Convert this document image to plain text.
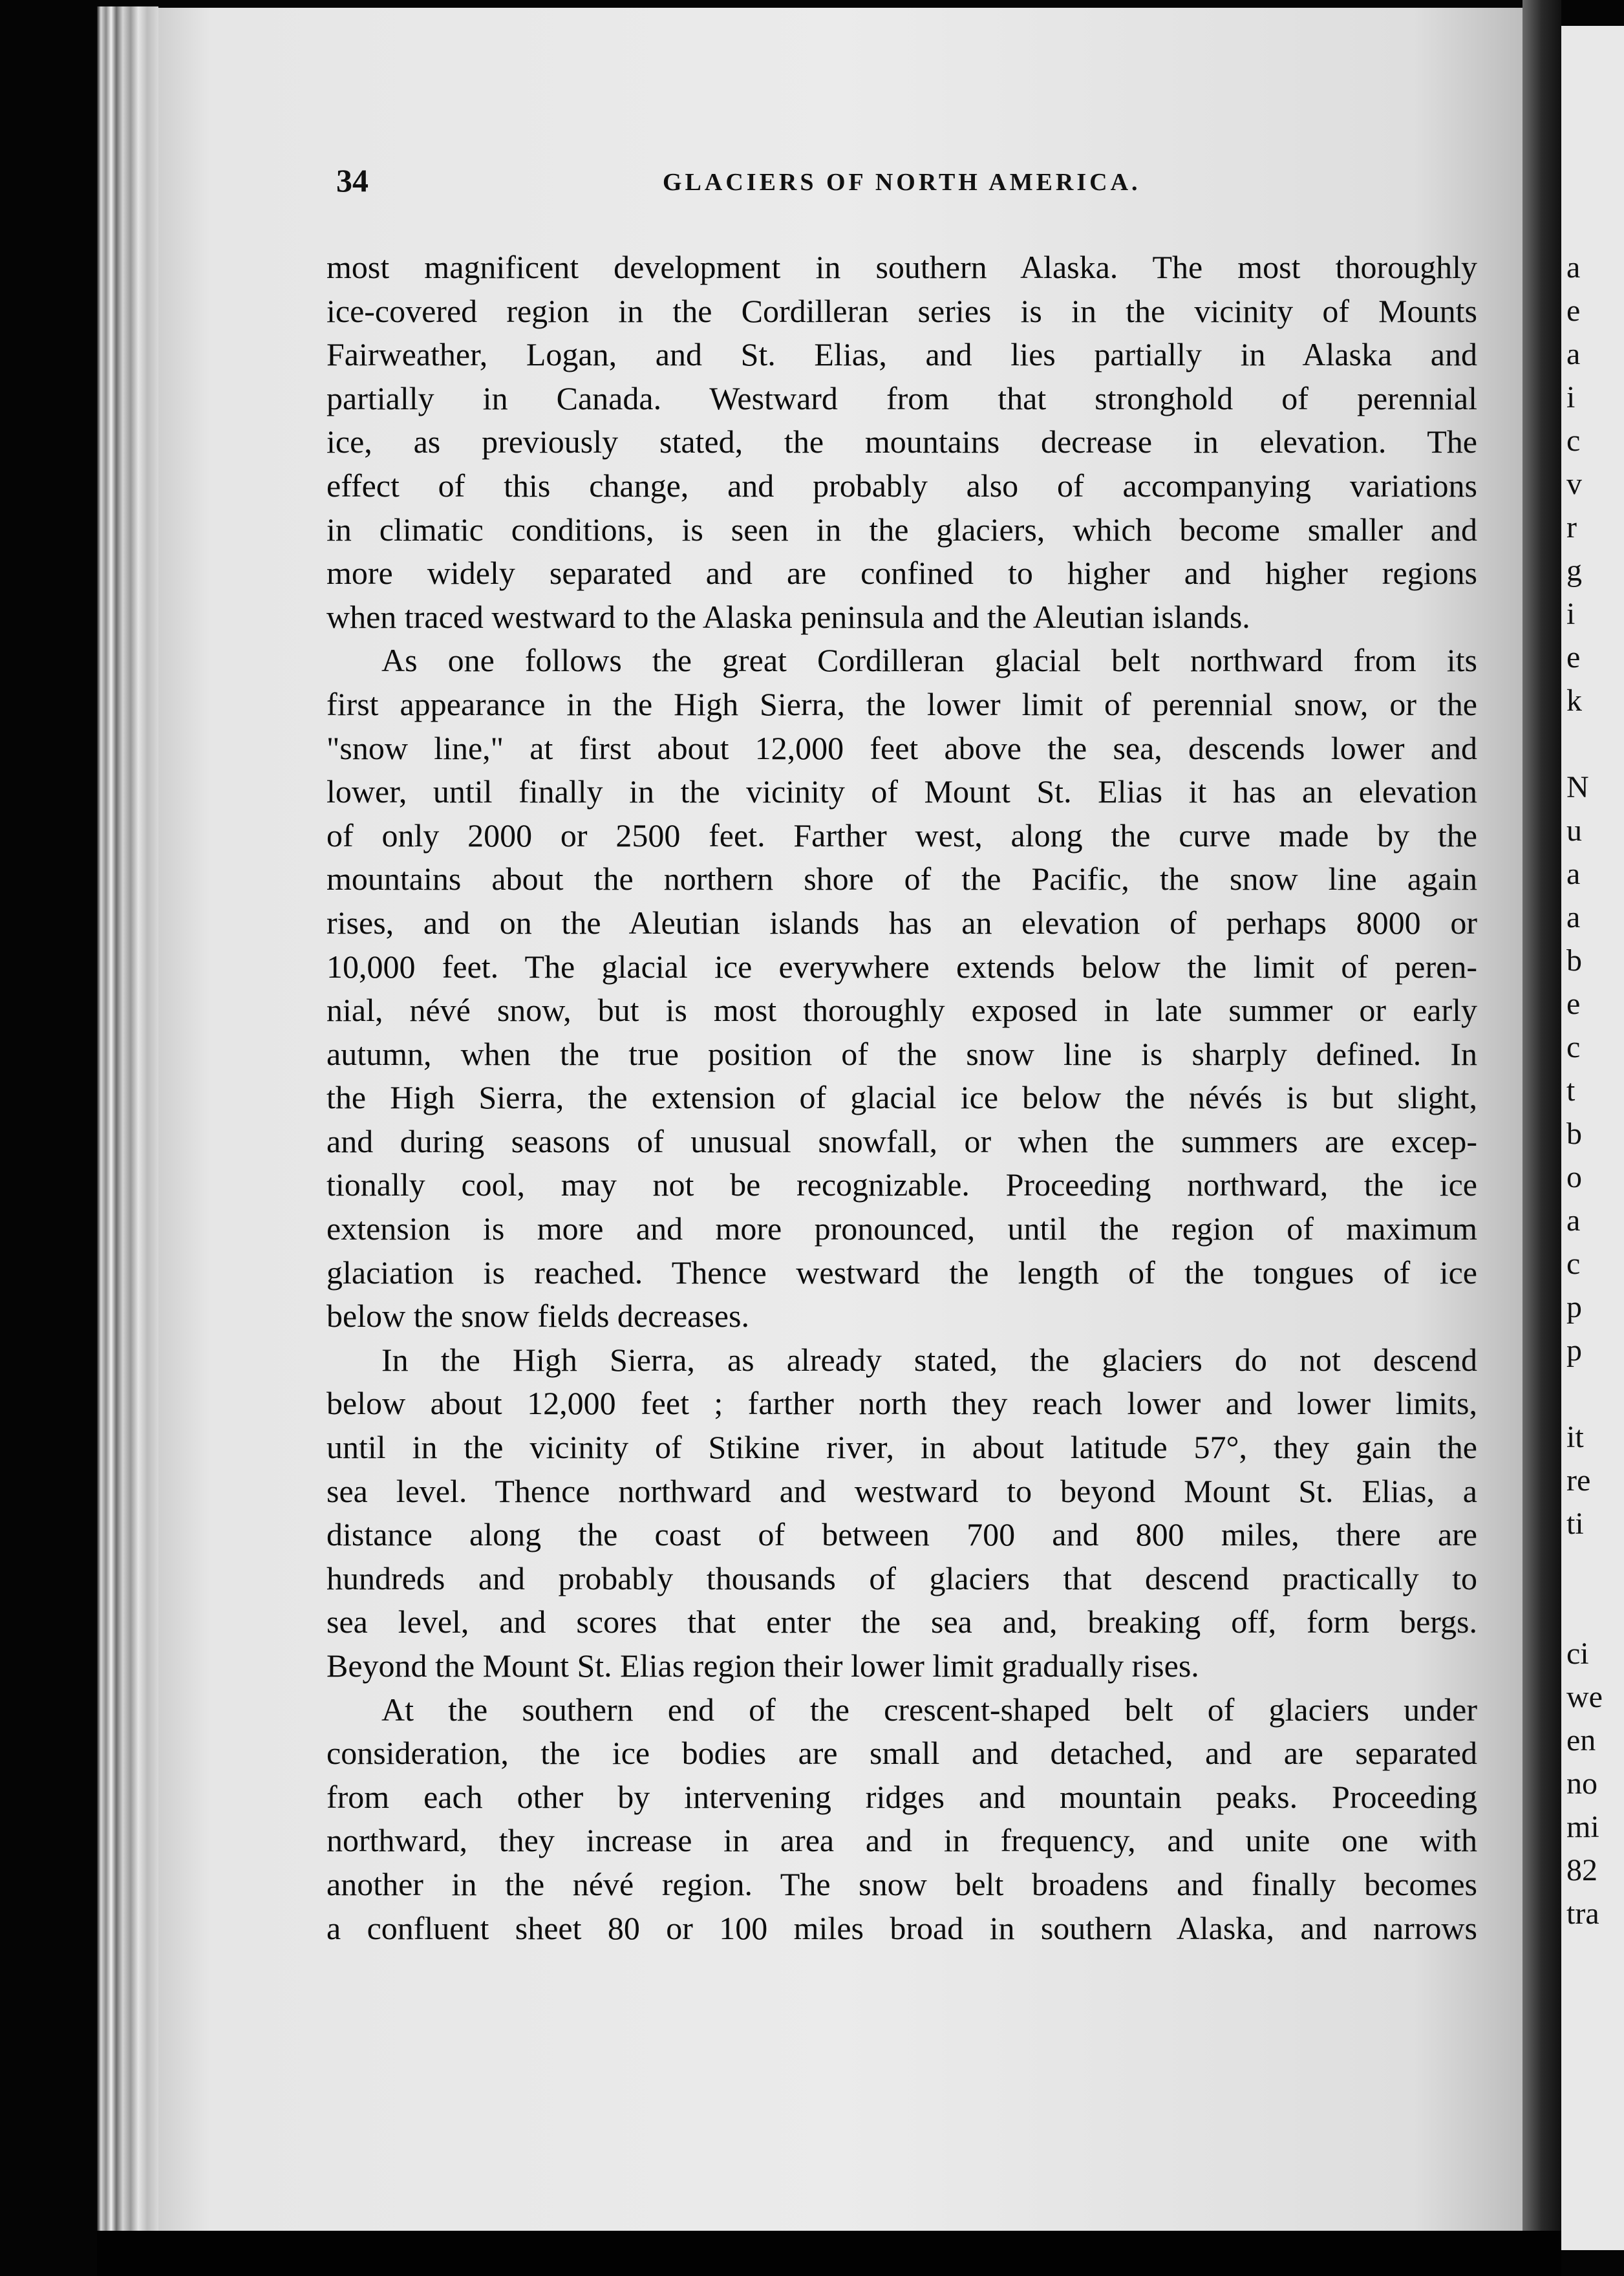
a
e
a
i
c
v
r
g
i
e
k

N
u
a
a
b
e
c
t
b
o
a
c
p
p

it
re
ti

ci
we
en
no
mi
82
tra
34	GLACIERS OF NORTH AMERICA.
most magnificent development in southern Alaska. The most thoroughly
ice-covered region in the Cordilleran series is in the vicinity of Mounts
Fairweather, Logan, and St. Elias, and lies partially in Alaska and
partially in Canada. Westward from that stronghold of perennial
ice, as previously stated, the mountains decrease in elevation. The
effect of this change, and probably also of accompanying variations
in climatic conditions, is seen in the glaciers, which become smaller and
more widely separated and are confined to higher and higher regions
when traced westward to the Alaska peninsula and the Aleutian islands.
As one follows the great Cordilleran glacial belt northward from its
first appearance in the High Sierra, the lower limit of perennial snow, or the
"snow line," at first about 12,000 feet above the sea, descends lower and
lower, until finally in the vicinity of Mount St. Elias it has an elevation
of only 2000 or 2500 feet. Farther west, along the curve made by the
mountains about the northern shore of the Pacific, the snow line again
rises, and on the Aleutian islands has an elevation of perhaps 8000 or
10,000 feet. The glacial ice everywhere extends below the limit of peren-
nial, névé snow, but is most thoroughly exposed in late summer or early
autumn, when the true position of the snow line is sharply defined. In
the High Sierra, the extension of glacial ice below the névés is but slight,
and during seasons of unusual snowfall, or when the summers are excep-
tionally cool, may not be recognizable. Proceeding northward, the ice
extension is more and more pronounced, until the region of maximum
glaciation is reached. Thence westward the length of the tongues of ice
below the snow fields decreases.
In the High Sierra, as already stated, the glaciers do not descend
below about 12,000 feet ; farther north they reach lower and lower limits,
until in the vicinity of Stikine river, in about latitude 57°, they gain the
sea level. Thence northward and westward to beyond Mount St. Elias, a
distance along the coast of between 700 and 800 miles, there are
hundreds and probably thousands of glaciers that descend practically to
sea level, and scores that enter the sea and, breaking off, form bergs.
Beyond the Mount St. Elias region their lower limit gradually rises.
At the southern end of the crescent-shaped belt of glaciers under
consideration, the ice bodies are small and detached, and are separated
from each other by intervening ridges and mountain peaks. Proceeding
northward, they increase in area and in frequency, and unite one with
another in the névé region. The snow belt broadens and finally becomes
a confluent sheet 80 or 100 miles broad in southern Alaska, and narrows
